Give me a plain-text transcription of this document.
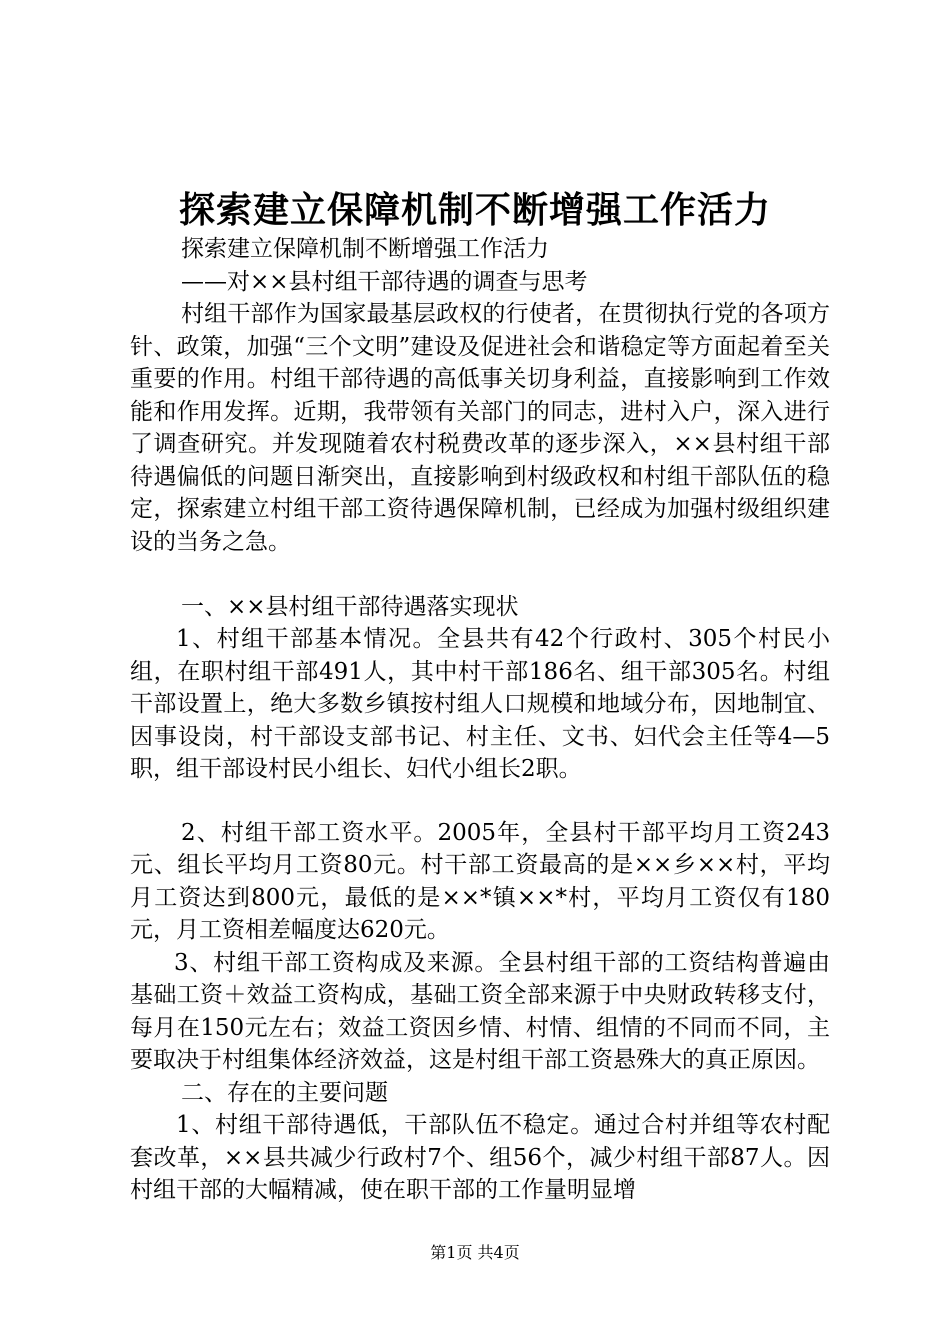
探索建立保障机制不断增强工作活力

探索建立保障机制不断增强工作活力

——对××县村组干部待遇的调查与思考

村组干部作为国家最基层政权的行使者，在贯彻执行党的各项方针、政策，加强“三个文明”建设及促进社会和谐稳定等方面起着至关重要的作用。村组干部待遇的高低事关切身利益，直接影响到工作效能和作用发挥。近期，我带领有关部门的同志，进村入户，深入进行了调查研究。并发现随着农村税费改革的逐步深入，××县村组干部待遇偏低的问题日渐突出，直接影响到村级政权和村组干部队伍的稳定，探索建立村组干部工资待遇保障机制，已经成为加强村级组织建设的当务之急。

一、××县村组干部待遇落实现状

1、村组干部基本情况。全县共有42个行政村、305个村民小组，在职村组干部491人，其中村干部186名、组干部305名。村组干部设置上，绝大多数乡镇按村组人口规模和地域分布，因地制宜、因事设岗，村干部设支部书记、村主任、文书、妇代会主任等4—5职，组干部设村民小组长、妇代小组长2职。

2、村组干部工资水平。2005年，全县村干部平均月工资243元、组长平均月工资80元。村干部工资最高的是××乡××村，平均月工资达到800元，最低的是××*镇××*村，平均月工资仅有180元，月工资相差幅度达620元。

3、村组干部工资构成及来源。全县村组干部的工资结构普遍由基础工资＋效益工资构成，基础工资全部来源于中央财政转移支付，每月在150元左右；效益工资因乡情、村情、组情的不同而不同，主要取决于村组集体经济效益，这是村组干部工资悬殊大的真正原因。

二、存在的主要问题

1、村组干部待遇低，干部队伍不稳定。通过合村并组等农村配套改革，××县共减少行政村7个、组56个，减少村组干部87人。因村组干部的大幅精减，使在职干部的工作量明显增

第1页 共4页
